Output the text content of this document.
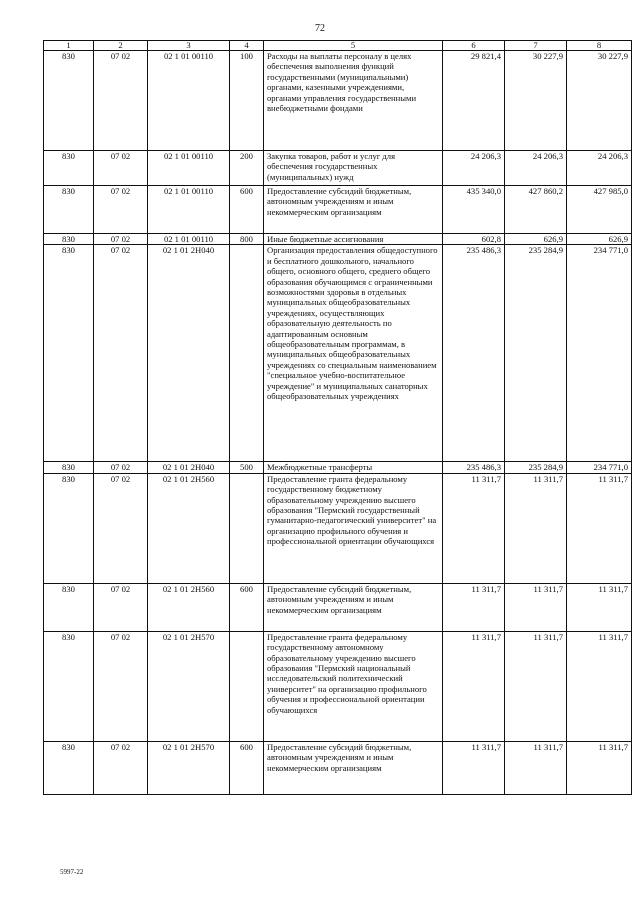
72
1	2	3	4	5	6	7	8
830	07 02	02 1 01 00110	100	Расходы на выплаты персоналу в целях обеспечения выполнения функций государственными (муниципальными) органами, казенными учреждениями, органами управления государственными внебюджетными фондами	29 821,4	30 227,9	30 227,9
830	07 02	02 1 01 00110	200	Закупка товаров, работ и услуг для обеспечения государственных (муниципальных) нужд	24 206,3	24 206,3	24 206,3
830	07 02	02 1 01 00110	600	Предоставление субсидий бюджетным, автономным учреждениям и иным некоммерческим организациям	435 340,0	427 860,2	427 985,0
830	07 02	02 1 01 00110	800	Иные бюджетные ассигнования	602,8	626,9	626,9
830	07 02	02 1 01 2H040		Организация предоставления общедоступного и бесплатного дошкольного, начального общего, основного общего, среднего общего образования обучающимся с ограниченными возможностями здоровья в отдельных муниципальных общеобразовательных учреждениях, осуществляющих образовательную деятельность по адаптированным основным общеобразовательным программам, в муниципальных общеобразовательных учреждениях со специальным наименованием "специальное учебно-воспитательное учреждение" и муниципальных санаторных общеобразовательных учреждениях	235 486,3	235 284,9	234 771,0
830	07 02	02 1 01 2H040	500	Межбюджетные трансферты	235 486,3	235 284,9	234 771,0
830	07 02	02 1 01 2H560		Предоставление гранта федеральному государственному бюджетному образовательному учреждению высшего образования "Пермский государственный гуманитарно-педагогический университет" на организацию профильного обучения и профессиональной ориентации обучающихся	11 311,7	11 311,7	11 311,7
830	07 02	02 1 01 2H560	600	Предоставление субсидий бюджетным, автономным учреждениям и иным некоммерческим организациям	11 311,7	11 311,7	11 311,7
830	07 02	02 1 01 2H570		Предоставление гранта федеральному государственному автономному образовательному учреждению высшего образования "Пермский национальный исследовательский политехнический университет" на организацию профильного обучения и профессиональной ориентации обучающихся	11 311,7	11 311,7	11 311,7
830	07 02	02 1 01 2H570	600	Предоставление субсидий бюджетным, автономным учреждениям и иным некоммерческим организациям	11 311,7	11 311,7	11 311,7
5997-22
